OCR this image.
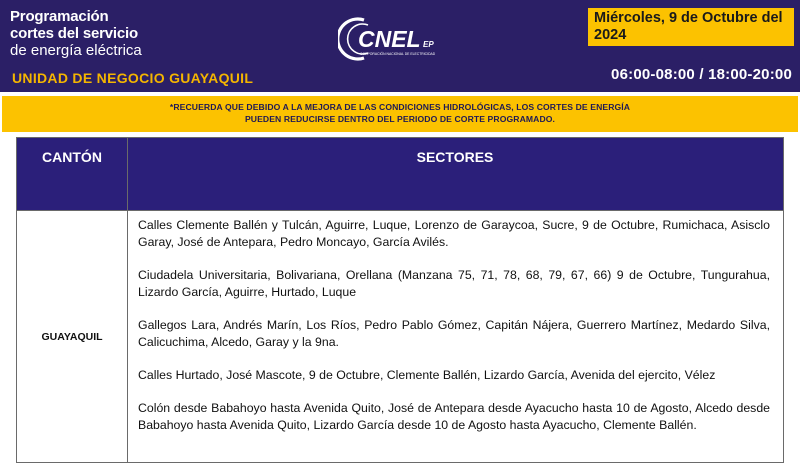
Programación
cortes del servicio
de energía eléctrica
UNIDAD DE NEGOCIO GUAYAQUIL
CNEL EP
CORPORACIÓN NACIONAL DE ELECTRICIDAD
Miércoles, 9 de Octubre del 2024
06:00-08:00 / 18:00-20:00
*RECUERDA QUE DEBIDO A LA MEJORA DE LAS CONDICIONES HIDROLÓGICAS, LOS CORTES DE ENERGÍA
PUEDEN REDUCIRSE DENTRO DEL PERIODO DE CORTE PROGRAMADO.
CANTÓN	SECTORES
GUAYAQUIL

Calles Clemente Ballén y Tulcán, Aguirre, Luque, Lorenzo de Garaycoa, Sucre, 9 de Octubre, Rumichaca, Asisclo Garay, José de Antepara, Pedro Moncayo, García Avilés.

Ciudadela Universitaria, Bolivariana, Orellana (Manzana 75, 71, 78, 68, 79, 67, 66) 9 de Octubre, Tungurahua, Lizardo García, Aguirre, Hurtado, Luque

Gallegos Lara, Andrés Marín, Los Ríos, Pedro Pablo Gómez, Capitán Nájera, Guerrero Martínez, Medardo Silva, Calicuchima, Alcedo, Garay y la 9na.

Calles Hurtado, José Mascote, 9 de Octubre, Clemente Ballén, Lizardo García, Avenida del ejercito, Vélez

Colón desde Babahoyo hasta Avenida Quito, José de Antepara desde Ayacucho hasta 10 de Agosto, Alcedo desde Babahoyo hasta Avenida Quito, Lizardo García desde 10 de Agosto hasta Ayacucho, Clemente Ballén.
